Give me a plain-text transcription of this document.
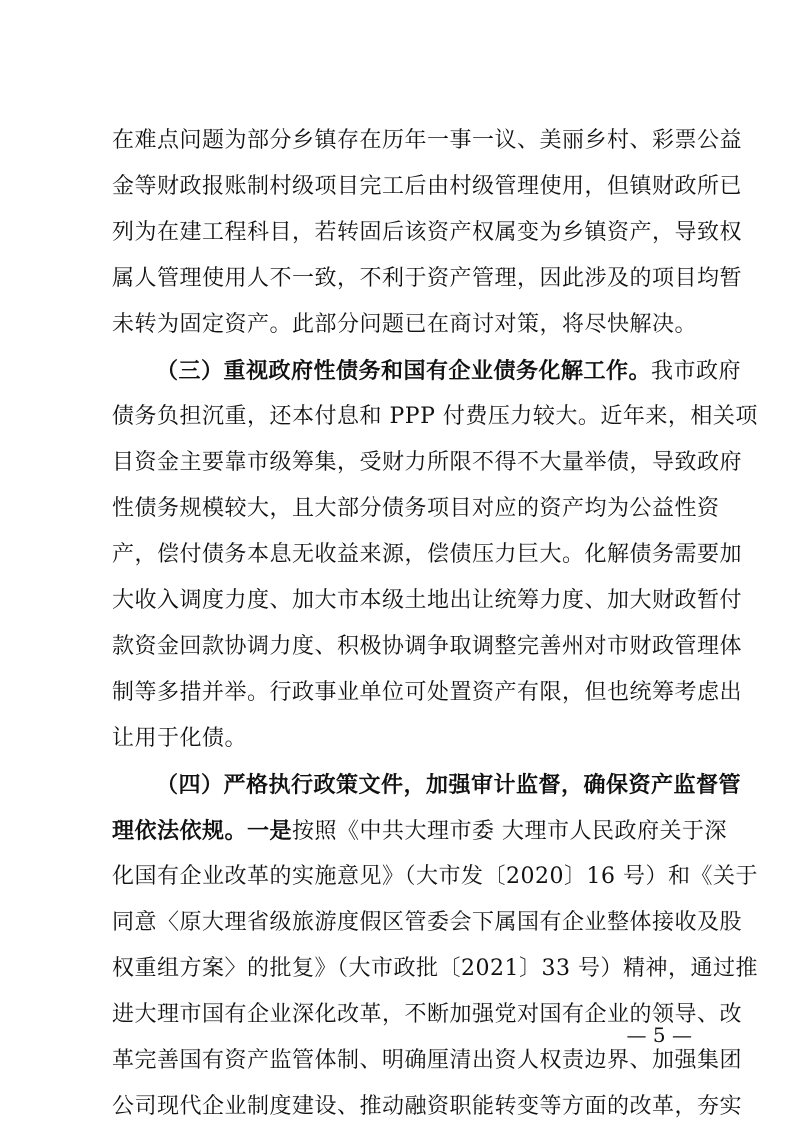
在难点问题为部分乡镇存在历年一事一议、美丽乡村、彩票公益
金等财政报账制村级项目完工后由村级管理使用，但镇财政所已
列为在建工程科目，若转固后该资产权属变为乡镇资产，导致权
属人管理使用人不一致，不利于资产管理，因此涉及的项目均暂
未转为固定资产。此部分问题已在商讨对策，将尽快解决。
（三）重视政府性债务和国有企业债务化解工作。我市政府
债务负担沉重，还本付息和 PPP 付费压力较大。近年来，相关项
目资金主要靠市级筹集，受财力所限不得不大量举债，导致政府
性债务规模较大，且大部分债务项目对应的资产均为公益性资
产，偿付债务本息无收益来源，偿债压力巨大。化解债务需要加
大收入调度力度、加大市本级土地出让统筹力度、加大财政暂付
款资金回款协调力度、积极协调争取调整完善州对市财政管理体
制等多措并举。行政事业单位可处置资产有限，但也统筹考虑出
让用于化债。
（四）严格执行政策文件，加强审计监督，确保资产监督管
理依法依规。一是按照《中共大理市委 大理市人民政府关于深
化国有企业改革的实施意见》（大市发〔2020〕16 号）和《关于
同意〈原大理省级旅游度假区管委会下属国有企业整体接收及股
权重组方案〉的批复》（大市政批〔2021〕33 号）精神，通过推
进大理市国有企业深化改革，不断加强党对国有企业的领导、改
革完善国有资产监管体制、明确厘清出资人权责边界、加强集团
公司现代企业制度建设、推动融资职能转变等方面的改革，夯实
— 5 —
